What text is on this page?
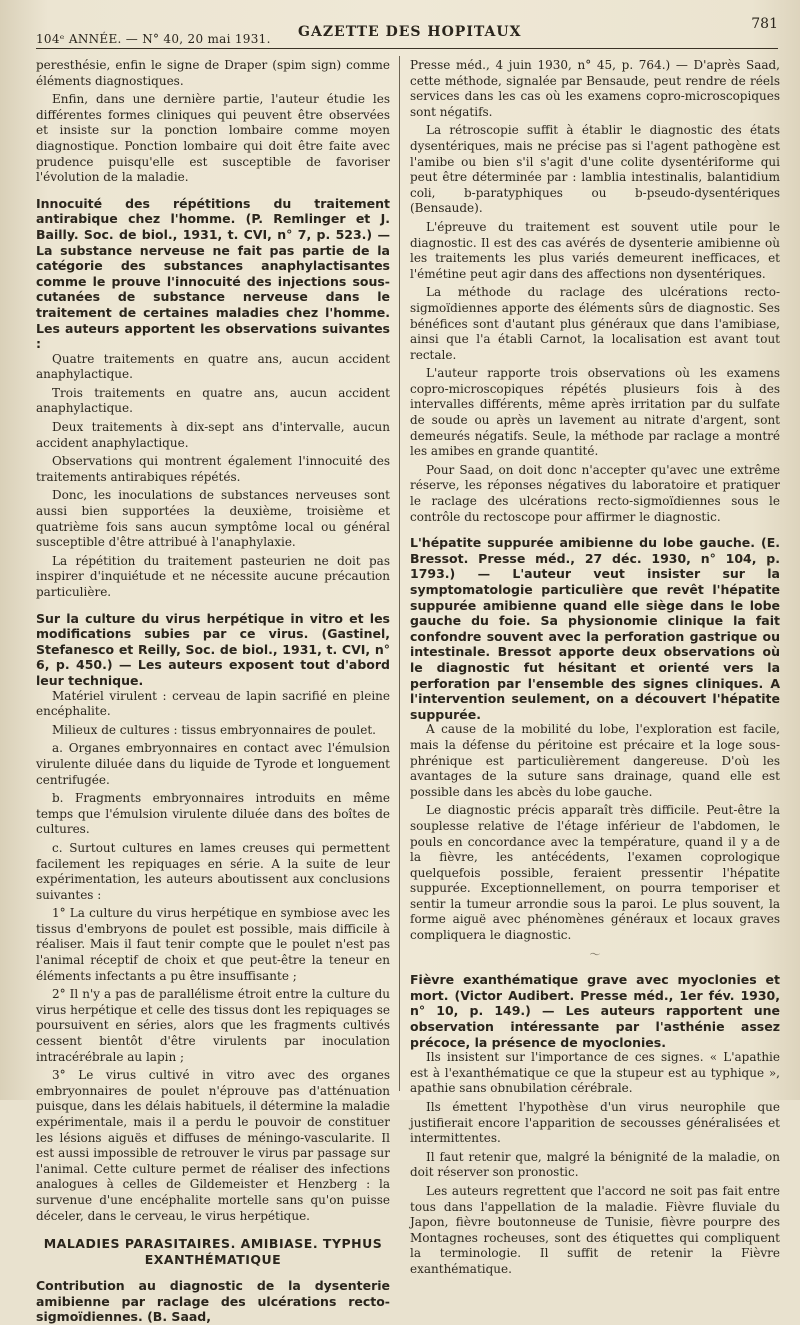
104ᵉ ANNÉE. — N° 40, 20 mai 1931. GAZETTE DES HOPITAUX	781

peresthésie, enfin le signe de Draper (spim sign) comme éléments diagnostiques.

Enfin, dans une dernière partie, l'auteur étudie les différentes formes cliniques qui peuvent être observées et insiste sur la ponction lombaire comme moyen diagnostique. Ponction lombaire qui doit être faite avec prudence puisqu'elle est susceptible de favoriser l'évolution de la maladie.

Innocuité des répétitions du traitement antirabique chez l'homme. (P. Remlinger et J. Bailly. Soc. de biol., 1931, t. CVI, n° 7, p. 523.) — La substance nerveuse ne fait pas partie de la catégorie des substances anaphylactisantes comme le prouve l'innocuité des injections sous-cutanées de substance nerveuse dans le traitement de certaines maladies chez l'homme. Les auteurs apportent les observations suivantes :

Quatre traitements en quatre ans, aucun accident anaphylactique.

Trois traitements en quatre ans, aucun accident anaphylactique.

Deux traitements à dix-sept ans d'intervalle, aucun accident anaphylactique.

Observations qui montrent également l'innocuité des traitements antirabiques répétés.

Donc, les inoculations de substances nerveuses sont aussi bien supportées la deuxième, troisième et quatrième fois sans aucun symptôme local ou général susceptible d'être attribué à l'anaphylaxie.

La répétition du traitement pasteurien ne doit pas inspirer d'inquiétude et ne nécessite aucune précaution particulière.

Sur la culture du virus herpétique in vitro et les modifications subies par ce virus. (Gastinel, Stefanesco et Reilly, Soc. de biol., 1931, t. CVI, n° 6, p. 450.) — Les auteurs exposent tout d'abord leur technique.

Matériel virulent : cerveau de lapin sacrifié en pleine encéphalite.

Milieux de cultures : tissus embryonnaires de poulet.

a. Organes embryonnaires en contact avec l'émulsion virulente diluée dans du liquide de Tyrode et longuement centrifugée.

b. Fragments embryonnaires introduits en même temps que l'émulsion virulente diluée dans des boîtes de cultures.

c. Surtout cultures en lames creuses qui permettent facilement les repiquages en série. A la suite de leur expérimentation, les auteurs aboutissent aux conclusions suivantes :

1° La culture du virus herpétique en symbiose avec les tissus d'embryons de poulet est possible, mais difficile à réaliser. Mais il faut tenir compte que le poulet n'est pas l'animal réceptif de choix et que peut-être la teneur en éléments infectants a pu être insuffisante ;

2° Il n'y a pas de parallélisme étroit entre la culture du virus herpétique et celle des tissus dont les repiquages se poursuivent en séries, alors que les fragments cultivés cessent bientôt d'être virulents par inoculation intracérébrale au lapin ;

3° Le virus cultivé in vitro avec des organes embryonnaires de poulet n'éprouve pas d'atténuation puisque, dans les délais habituels, il détermine la maladie expérimentale, mais il a perdu le pouvoir de constituer les lésions aiguës et diffuses de méningo-vascularite. Il est aussi impossible de retrouver le virus par passage sur l'animal. Cette culture permet de réaliser des infections analogues à celles de Gildemeister et Henzberg : la survenue d'une encéphalite mortelle sans qu'on puisse déceler, dans le cerveau, le virus herpétique.

MALADIES PARASITAIRES. AMIBIASE. TYPHUS EXANTHÉMATIQUE
Contribution au diagnostic de la dysenterie amibienne par raclage des ulcérations recto-sigmoïdiennes. (B. Saad,

Presse méd., 4 juin 1930, n° 45, p. 764.) — D'après Saad, cette méthode, signalée par Bensaude, peut rendre de réels services dans les cas où les examens copro-microscopiques sont négatifs.

La rétroscopie suffit à établir le diagnostic des états dysentériques, mais ne précise pas si l'agent pathogène est l'amibe ou bien s'il s'agit d'une colite dysentériforme qui peut être déterminée par : lamblia intestinalis, balantidium coli, b-paratyphiques ou b-pseudo-dysentériques (Bensaude).

L'épreuve du traitement est souvent utile pour le diagnostic. Il est des cas avérés de dysenterie amibienne où les traitements les plus variés demeurent inefficaces, et l'émétine peut agir dans des affections non dysentériques.

La méthode du raclage des ulcérations recto-sigmoïdiennes apporte des éléments sûrs de diagnostic. Ses bénéfices sont d'autant plus généraux que dans l'amibiase, ainsi que l'a établi Carnot, la localisation est avant tout rectale.

L'auteur rapporte trois observations où les examens copro-microscopiques répétés plusieurs fois à des intervalles différents, même après irritation par du sulfate de soude ou après un lavement au nitrate d'argent, sont demeurés négatifs. Seule, la méthode par raclage a montré les amibes en grande quantité.

Pour Saad, on doit donc n'accepter qu'avec une extrême réserve, les réponses négatives du laboratoire et pratiquer le raclage des ulcérations recto-sigmoïdiennes sous le contrôle du rectoscope pour affirmer le diagnostic.

L'hépatite suppurée amibienne du lobe gauche. (E. Bressot. Presse méd., 27 déc. 1930, n° 104, p. 1793.) — L'auteur veut insister sur la symptomatologie particulière que revêt l'hépatite suppurée amibienne quand elle siège dans le lobe gauche du foie. Sa physionomie clinique la fait confondre souvent avec la perforation gastrique ou intestinale. Bressot apporte deux observations où le diagnostic fut hésitant et orienté vers la perforation par l'ensemble des signes cliniques. A l'intervention seulement, on a découvert l'hépatite suppurée.

A cause de la mobilité du lobe, l'exploration est facile, mais la défense du péritoine est précaire et la loge sous-phrénique est particulièrement dangereuse. D'où les avantages de la suture sans drainage, quand elle est possible dans les abcès du lobe gauche.

Le diagnostic précis apparaît très difficile. Peut-être la souplesse relative de l'étage inférieur de l'abdomen, le pouls en concordance avec la température, quand il y a de la fièvre, les antécédents, l'examen coprologique quelquefois possible, feraient pressentir l'hépatite suppurée. Exceptionnellement, on pourra temporiser et sentir la tumeur arrondie sous la paroi. Le plus souvent, la forme aiguë avec phénomènes généraux et locaux graves compliquera le diagnostic.

〜
Fièvre exanthématique grave avec myoclonies et mort. (Victor Audibert. Presse méd., 1er fév. 1930, n° 10, p. 149.) — Les auteurs rapportent une observation intéressante par l'asthénie assez précoce, la présence de myoclonies.

Ils insistent sur l'importance de ces signes. « L'apathie est à l'exanthématique ce que la stupeur est au typhique », apathie sans obnubilation cérébrale.

Ils émettent l'hypothèse d'un virus neurophile que justifierait encore l'apparition de secousses généralisées et intermittentes.

Il faut retenir que, malgré la bénignité de la maladie, on doit réserver son pronostic.

Les auteurs regrettent que l'accord ne soit pas fait entre tous dans l'appellation de la maladie. Fièvre fluviale du Japon, fièvre boutonneuse de Tunisie, fièvre pourpre des Montagnes rocheuses, sont des étiquettes qui compliquent la terminologie. Il suffit de retenir la Fièvre exanthématique.
